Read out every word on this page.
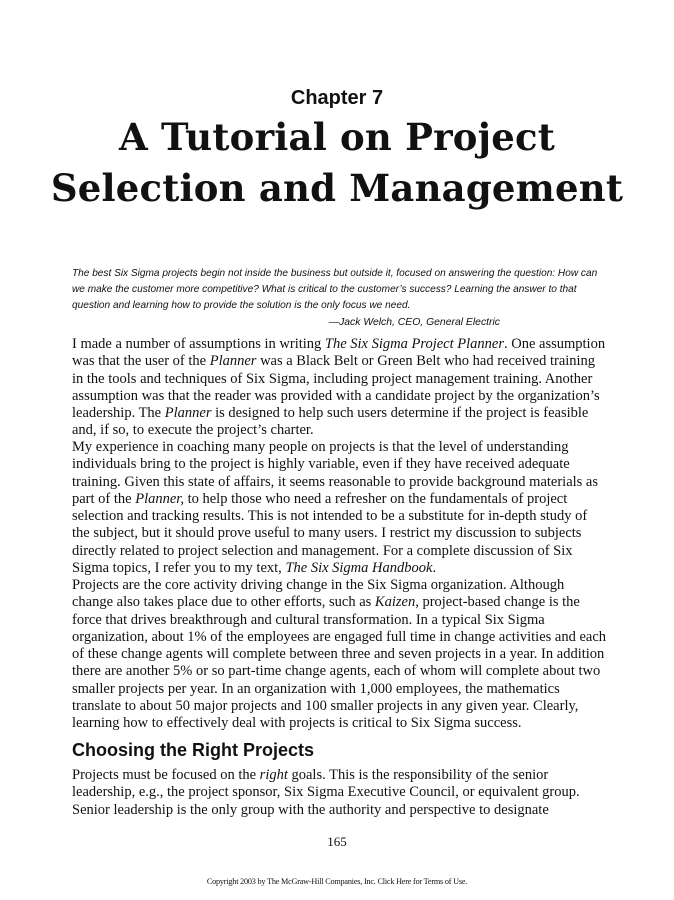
Chapter 7
A Tutorial on Project
Selection and Management

The best Six Sigma projects begin not inside the business but outside it, focused on answering the question: How can we make the customer more competitive? What is critical to the customer’s success? Learning the answer to that question and learning how to provide the solution is the only focus we need.

—Jack Welch, CEO, General Electric

I made a number of assumptions in writing The Six Sigma Project Planner. One assumption was that the user of the Planner was a Black Belt or Green Belt who had received training in the tools and techniques of Six Sigma, including project management training. Another assumption was that the reader was provided with a candidate project by the organization’s leadership. The Planner is designed to help such users determine if the project is feasible and, if so, to execute the project’s charter.

My experience in coaching many people on projects is that the level of understanding individuals bring to the project is highly variable, even if they have received adequate training. Given this state of affairs, it seems reasonable to provide background materials as part of the Planner, to help those who need a refresher on the fundamentals of project selection and tracking results. This is not intended to be a substitute for in-depth study of the subject, but it should prove useful to many users. I restrict my discussion to subjects directly related to project selection and management. For a complete discussion of Six Sigma topics, I refer you to my text, The Six Sigma Handbook.

Projects are the core activity driving change in the Six Sigma organization. Although change also takes place due to other efforts, such as Kaizen, project-based change is the force that drives breakthrough and cultural transformation. In a typical Six Sigma organization, about 1% of the employees are engaged full time in change activities and each of these change agents will complete between three and seven projects in a year. In addition there are another 5% or so part-time change agents, each of whom will complete about two smaller projects per year. In an organization with 1,000 employees, the mathematics translate to about 50 major projects and 100 smaller projects in any given year. Clearly, learning how to effectively deal with projects is critical to Six Sigma success.

Choosing the Right Projects

Projects must be focused on the right goals. This is the responsibility of the senior leadership, e.g., the project sponsor, Six Sigma Executive Council, or equivalent group. Senior leadership is the only group with the authority and perspective to designate

165
Copyright 2003 by The McGraw-Hill Companies, Inc. Click Here for Terms of Use.
